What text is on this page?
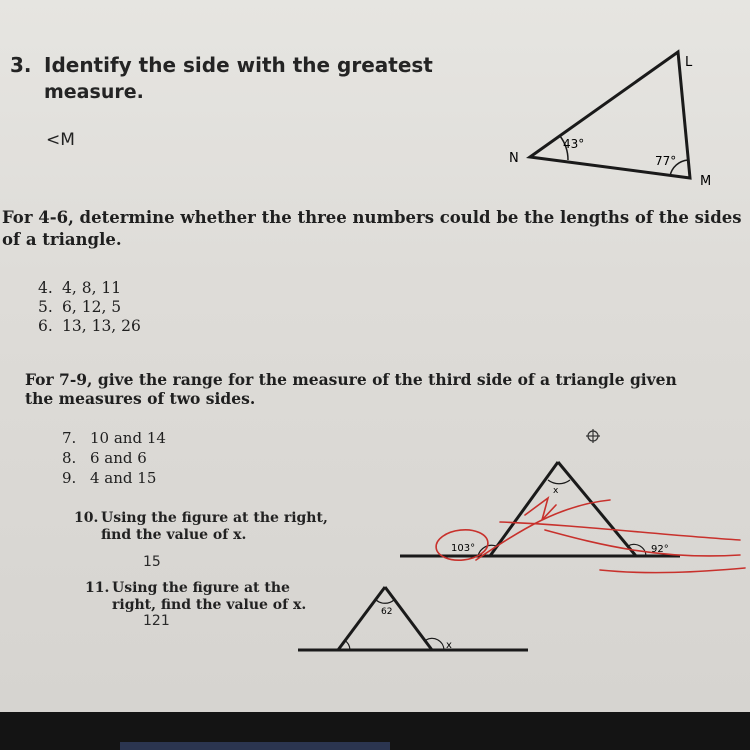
3. Identify the side with the greatest
measure.
<M
L
N
M
43°
77°
103°	92°
x
62
x
For 4-6, determine whether the three numbers could be the lengths of the sides of a triangle.
4. 4, 8, 11
5. 6, 12, 5
6. 13, 13, 26
For 7-9, give the range for the measure of the third side of a triangle given the measures of two sides.
7. 10 and 14
8. 6 and 6
9. 4 and 15
10. Using the figure at the right, find the value of x.
15
11. Using the figure at the right, find the value of x.
121
